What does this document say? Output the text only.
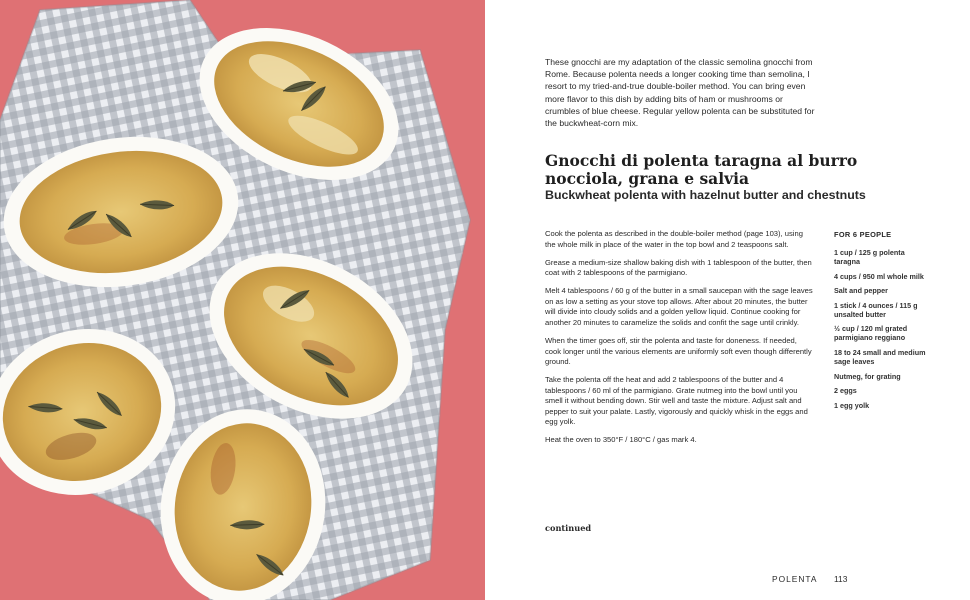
These gnocchi are my adaptation of the classic semolina gnocchi from Rome. Because polenta needs a longer cooking time than semolina, I resort to my tried-and-true double-boiler method. You can bring even more flavor to this dish by adding bits of ham or mushrooms or crumbles of blue cheese. Regular yellow polenta can be substituted for the buckwheat-corn mix.

Gnocchi di polenta taragna al burro nocciola, grana e salvia
Buckwheat polenta with hazelnut butter and chestnuts

Cook the polenta as described in the double-boiler method (page 103), using the whole milk in place of the water in the top bowl and 2 teaspoons salt.

Grease a medium-size shallow baking dish with 1 tablespoon of the butter, then coat with 2 tablespoons of the parmigiano.

Melt 4 tablespoons / 60 g of the butter in a small saucepan with the sage leaves on as low a setting as your stove top allows. After about 20 minutes, the butter will divide into cloudy solids and a golden yellow liquid. Continue cooking for another 20 minutes to caramelize the solids and confit the sage until crinkly.

When the timer goes off, stir the polenta and taste for doneness. If needed, cook longer until the various elements are uniformly soft even though differently ground.

Take the polenta off the heat and add 2 tablespoons of the butter and 4 tablespoons / 60 ml of the parmigiano. Grate nutmeg into the bowl until you smell it without bending down. Stir well and taste the mixture. Adjust salt and pepper to suit your palate. Lastly, vigorously and quickly whisk in the eggs and egg yolk.

Heat the oven to 350°F / 180°C / gas mark 4.

FOR 6 PEOPLE

1 cup / 125 g polenta taragna

4 cups / 950 ml whole milk

Salt and pepper

1 stick / 4 ounces / 115 g unsalted butter

½ cup / 120 ml grated parmigiano reggiano

18 to 24 small and medium sage leaves

Nutmeg, for grating

2 eggs

1 egg yolk

continued

POLENTA 113
